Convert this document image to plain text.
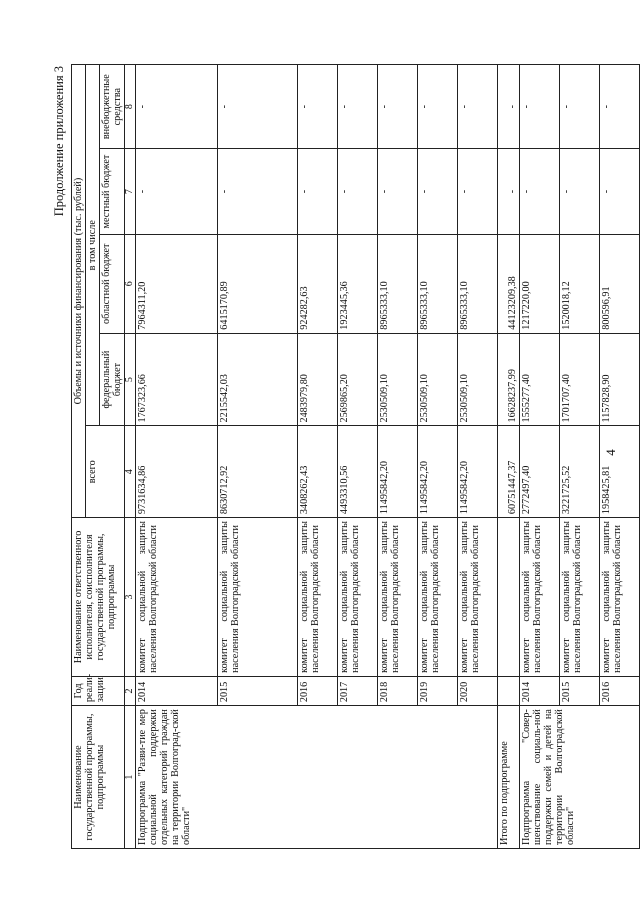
4
Продолжение приложения 3
Наименование государственной программы, подпрограммы	Год реали-зации	Наименование ответственного исполнителя, соисполнителя государственной программы, подпрограммы	Объемы и источники финансирования (тыс. рублей)				
			всего	в том числе			
				федеральный бюджет	областной бюджет	местный бюджет	внебюджетные средства
1	2	3	4	5	6	7	8
Подпрограмма "Разви-тие мер социальной поддержки отдельных категорий граждан на территории Волгоград-ской области"	2014	комитет социальной защиты населения Волгоградской области	9731634,86	1767323,66	7964311,20	-	-
	2015	комитет социальной защиты населения Волгоградской области	8630712,92	2215542,03	6415170,89	-	-
	2016	комитет социальной защиты населения Волгоградской области	3408262,43	2483979,80	924282,63	-	-
	2017	комитет социальной защиты населения Волгоградской области	4493310,56	2569865,20	1923445,36	-	-
	2018	комитет социальной защиты населения Волгоградской области	11495842,20	2530509,10	8965333,10	-	-
	2019	комитет социальной защиты населения Волгоградской области	11495842,20	2530509,10	8965333,10	-	-
	2020	комитет социальной защиты населения Волгоградской области	11495842,20	2530509,10	8965333,10	-	-
Итого по подпрограмме			60751447,37	16628237,99	44123209,38	-	-
Подпрограмма "Совер-шенствование социаль-ной поддержки семей и детей на территории Волгоградской области"	2014	комитет социальной защиты населения Волгоградской области	2772497,40	1555277,40	1217220,00	-	-
	2015	комитет социальной защиты населения Волгоградской области	3221725,52	1701707,40	1520018,12	-	-
	2016	комитет социальной защиты населения Волгоградской области	1958425,81	1157828,90	800596,91	-	-
